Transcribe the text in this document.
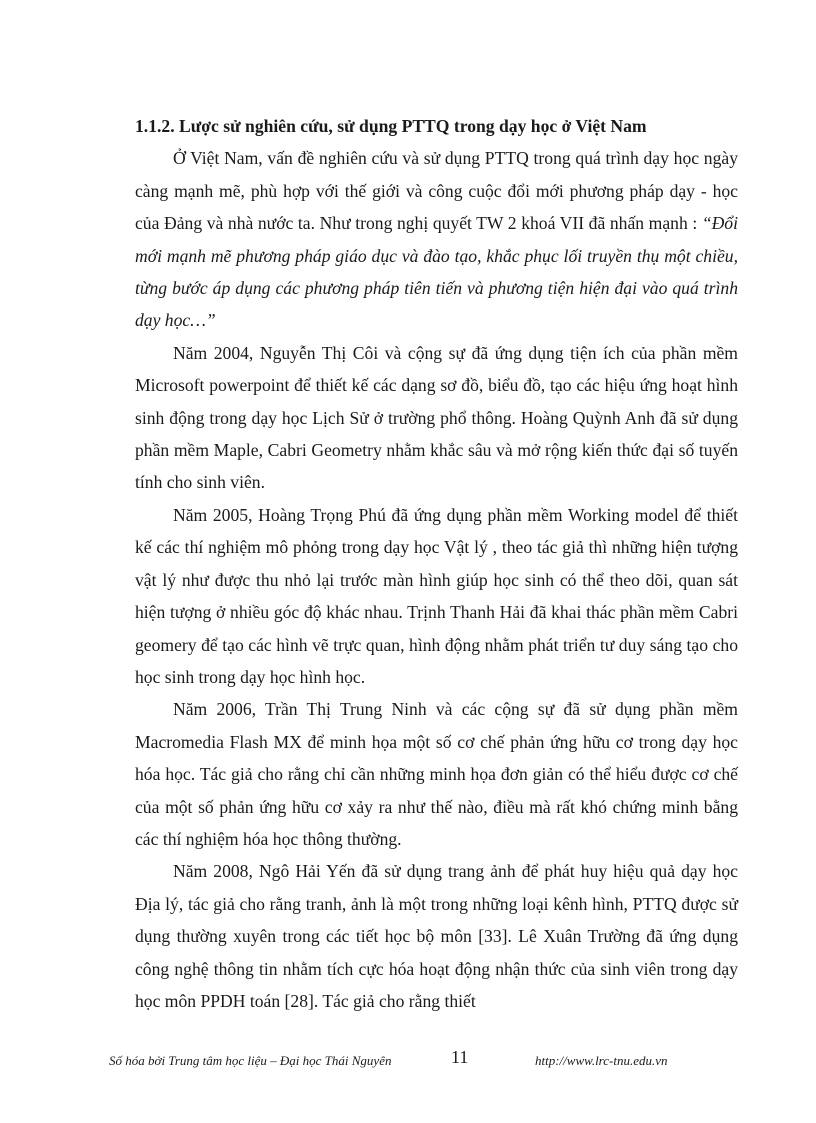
1.1.2. Lược sử nghiên cứu, sử dụng PTTQ trong dạy học ở Việt Nam

Ở Việt Nam, vấn đề nghiên cứu và sử dụng PTTQ trong quá trình dạy học ngày càng mạnh mẽ, phù hợp với thế giới và công cuộc đổi mới phương pháp dạy - học của Đảng và nhà nước ta. Như trong nghị quyết TW 2 khoá VII đã nhấn mạnh : “Đổi mới mạnh mẽ phương pháp giáo dục và đào tạo, khắc phục lối truyền thụ một chiều, từng bước áp dụng các phương pháp tiên tiến và phương tiện hiện đại vào quá trình dạy học…”

Năm 2004, Nguyễn Thị Côi và cộng sự đã ứng dụng tiện ích của phần mềm Microsoft powerpoint để thiết kế các dạng sơ đồ, biểu đồ, tạo các hiệu ứng hoạt hình sinh động trong dạy học Lịch Sử ở trường phổ thông. Hoàng Quỳnh Anh đã sử dụng phần mềm Maple, Cabri Geometry nhằm khắc sâu và mở rộng kiến thức đại số tuyến tính cho sinh viên.

Năm 2005, Hoàng Trọng Phú đã ứng dụng phần mềm Working model để thiết kế các thí nghiệm mô phỏng trong dạy học Vật lý , theo tác giả thì những hiện tượng vật lý như được thu nhỏ lại trước màn hình giúp học sinh có thể theo dõi, quan sát hiện tượng ở nhiều góc độ khác nhau. Trịnh Thanh Hải đã khai thác phần mềm Cabri geomery để tạo các hình vẽ trực quan, hình động nhằm phát triển tư duy sáng tạo cho học sinh trong dạy học hình học.

Năm 2006, Trần Thị Trung Ninh và các cộng sự đã sử dụng phần mềm Macromedia Flash MX để minh họa một số cơ chế phản ứng hữu cơ trong dạy học hóa học. Tác giả cho rằng chỉ cần những minh họa đơn giản có thể hiểu được cơ chế của một số phản ứng hữu cơ xảy ra như thế nào, điều mà rất khó chứng minh bằng các thí nghiệm hóa học thông thường.

Năm 2008, Ngô Hải Yến đã sử dụng trang ảnh để phát huy hiệu quả dạy học Địa lý, tác giả cho rằng tranh, ảnh là một trong những loại kênh hình, PTTQ được sử dụng thường xuyên trong các tiết học bộ môn [33]. Lê Xuân Trường đã ứng dụng công nghệ thông tin nhằm tích cực hóa hoạt động nhận thức của sinh viên trong dạy học môn PPDH toán [28]. Tác giả cho rằng thiết

Số hóa bởi Trung tâm học liệu – Đại học Thái Nguyên	11	http://www.lrc-tnu.edu.vn
